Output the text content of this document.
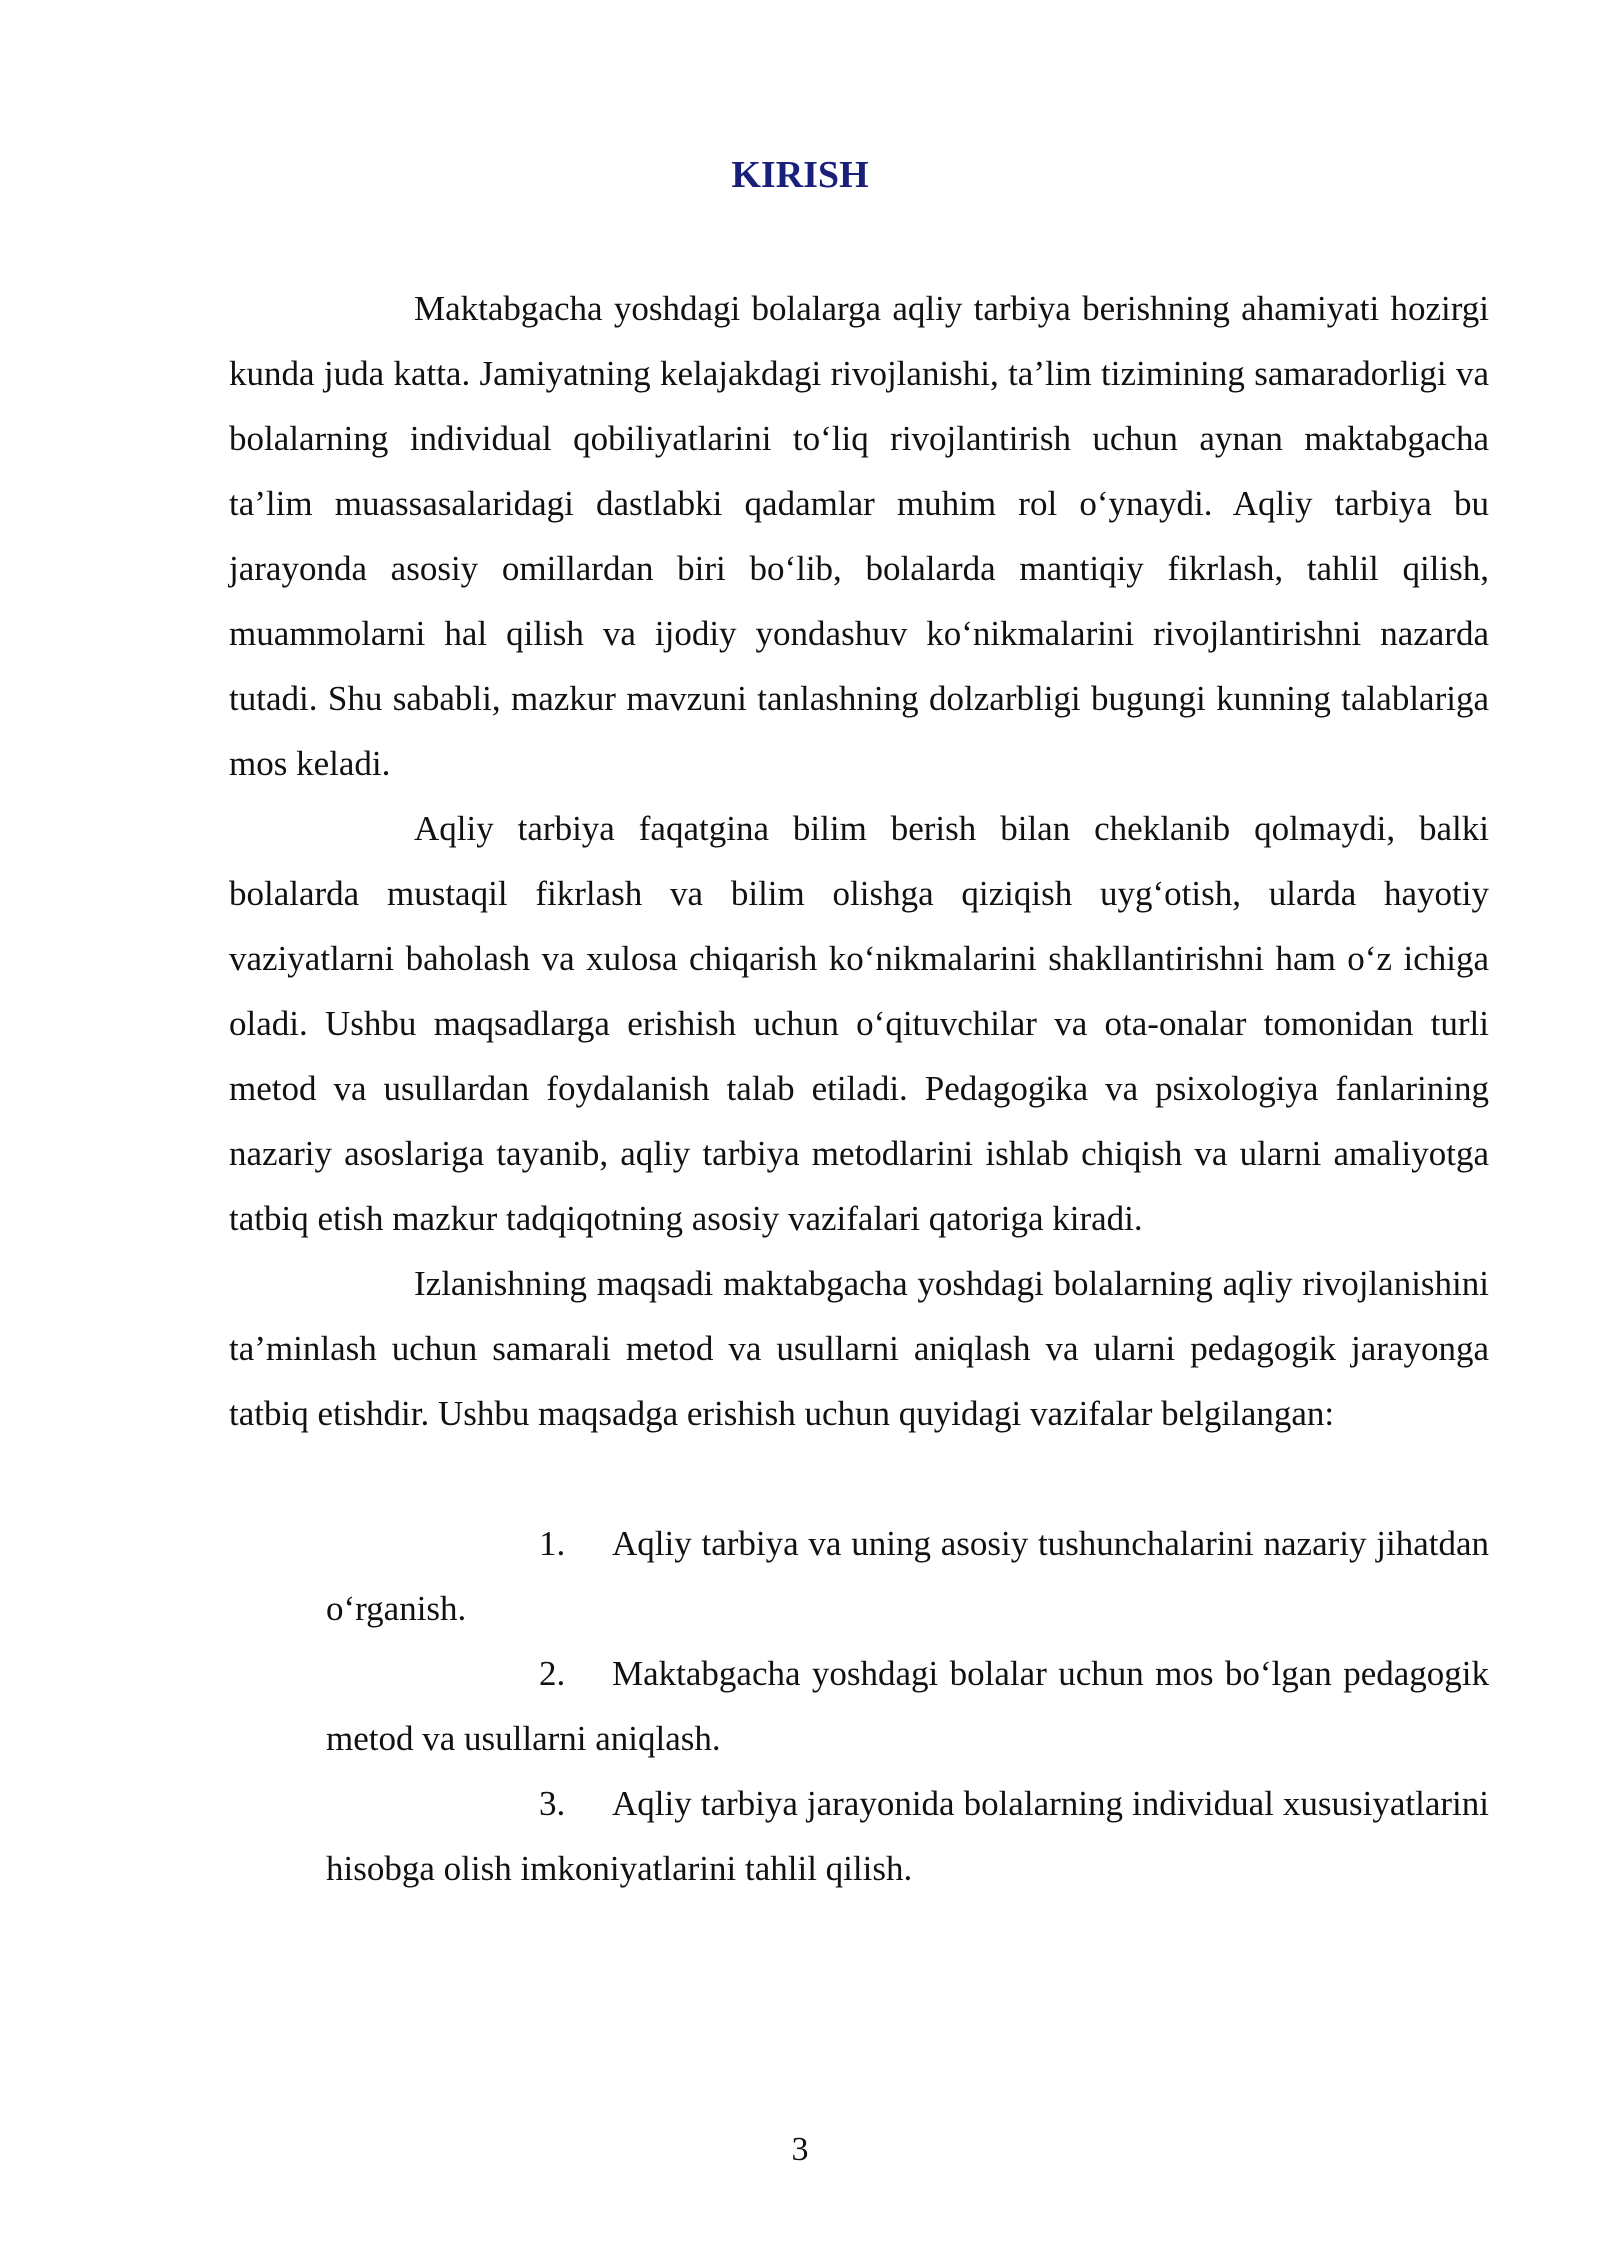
KIRISH

Maktabgacha yoshdagi bolalarga aqliy tarbiya berishning ahamiyati hozirgi kunda juda katta. Jamiyatning kelajakdagi rivojlanishi, ta’lim tizimining samaradorligi va bolalarning individual qobiliyatlarini to‘liq rivojlantirish uchun aynan maktabgacha ta’lim muassasalaridagi dastlabki qadamlar muhim rol o‘ynaydi. Aqliy tarbiya bu jarayonda asosiy omillardan biri bo‘lib, bolalarda mantiqiy fikrlash, tahlil qilish, muammolarni hal qilish va ijodiy yondashuv ko‘nikmalarini rivojlantirishni nazarda tutadi. Shu sababli, mazkur mavzuni tanlashning dolzarbligi bugungi kunning talablariga mos keladi.

Aqliy tarbiya faqatgina bilim berish bilan cheklanib qolmaydi, balki bolalarda mustaqil fikrlash va bilim olishga qiziqish uyg‘otish, ularda hayotiy vaziyatlarni baholash va xulosa chiqarish ko‘nikmalarini shakllantirishni ham o‘z ichiga oladi. Ushbu maqsadlarga erishish uchun o‘qituvchilar va ota-onalar tomonidan turli metod va usullardan foydalanish talab etiladi. Pedagogika va psixologiya fanlarining nazariy asoslariga tayanib, aqliy tarbiya metodlarini ishlab chiqish va ularni amaliyotga tatbiq etish mazkur tadqiqotning asosiy vazifalari qatoriga kiradi.

Izlanishning maqsadi maktabgacha yoshdagi bolalarning aqliy rivojlanishini ta’minlash uchun samarali metod va usullarni aniqlash va ularni pedagogik jarayonga tatbiq etishdir. Ushbu maqsadga erishish uchun quyidagi vazifalar belgilangan:

1. Aqliy tarbiya va uning asosiy tushunchalarini nazariy jihatdan o‘rganish.
2. Maktabgacha yoshdagi bolalar uchun mos bo‘lgan pedagogik metod va usullarni aniqlash.
3. Aqliy tarbiya jarayonida bolalarning individual xususiyatlarini hisobga olish imkoniyatlarini tahlil qilish.

3
